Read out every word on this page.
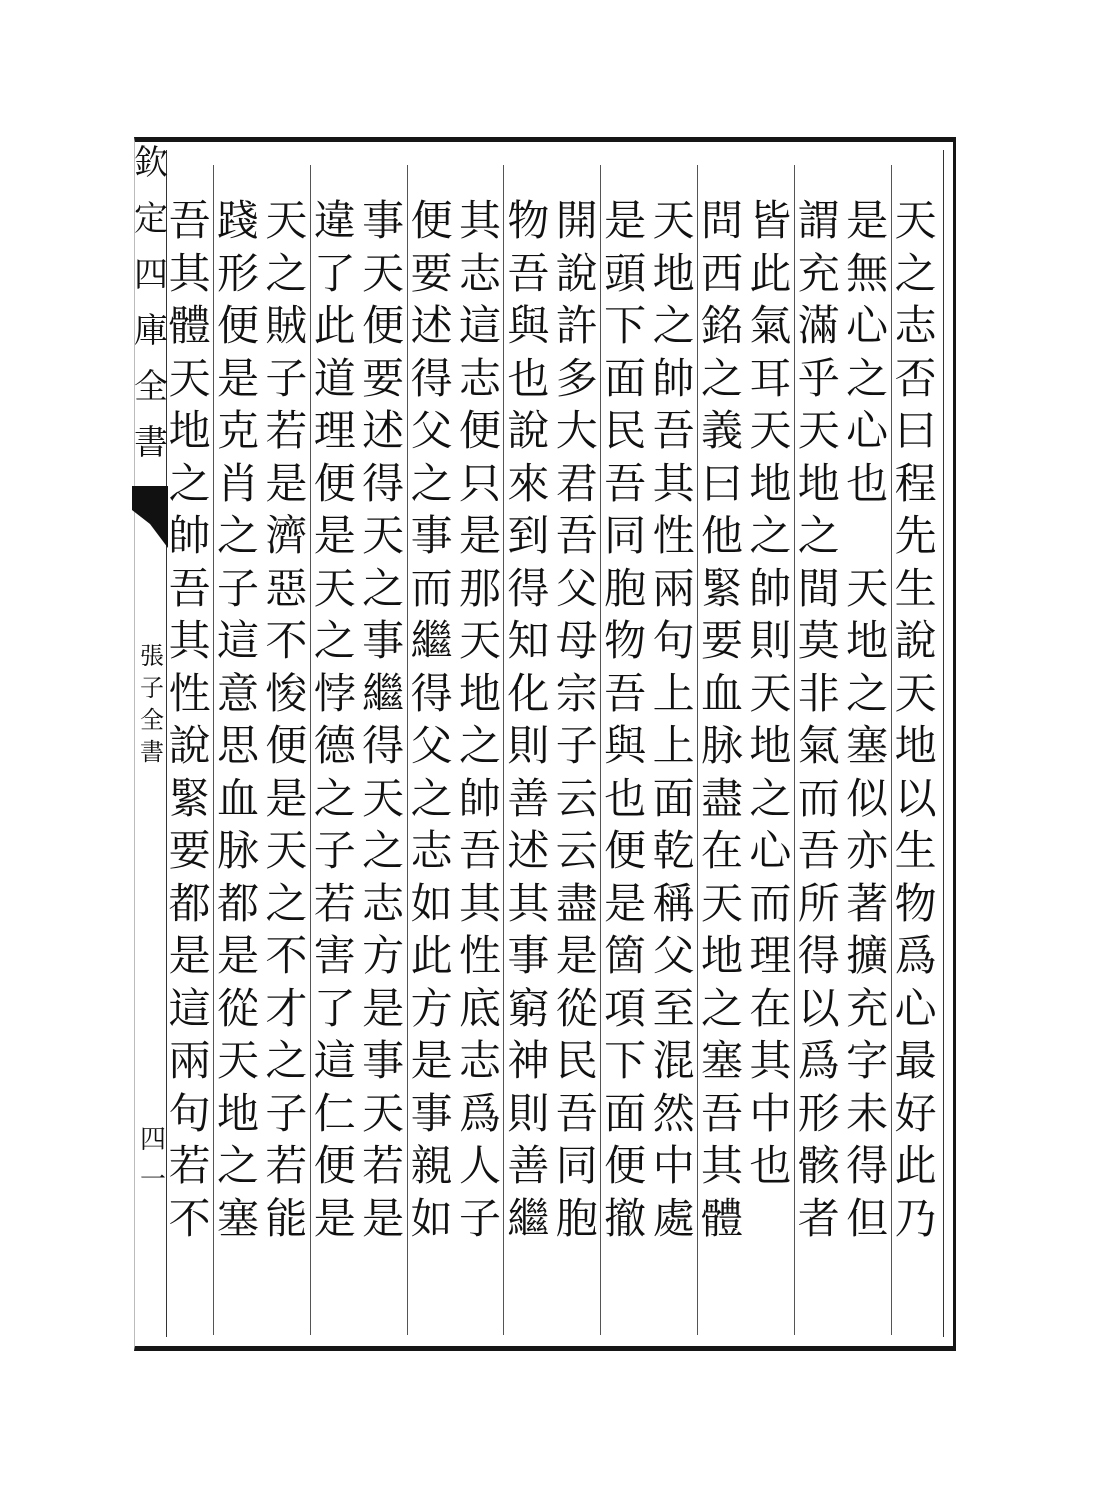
欽
定
四
庫
全
書
張
子
全
書
四一
天
之
志
否
曰
程
先
生
說
天
地
以
生
物
爲
心
最
好
此
乃
是
無
心
之
心
也

天
地
之
塞
似
亦
著
擴
充
字
未
得
但
謂
充
滿
乎
天
地
之
間
莫
非
氣
而
吾
所
得
以
爲
形
骸
者
皆
此
氣
耳
天
地
之
帥
則
天
地
之
心
而
理
在
其
中
也
問
西
銘
之
義
曰
他
緊
要
血
脉
盡
在
天
地
之
塞
吾
其
體
天
地
之
帥
吾
其
性
兩
句
上
上
面
乾
稱
父
至
混
然
中
處
是
頭
下
面
民
吾
同
胞
物
吾
與
也
便
是
箇
項
下
面
便
撤
開
說
許
多
大
君
吾
父
母
宗
子
云
云
盡
是
從
民
吾
同
胞
物
吾
與
也
說
來
到
得
知
化
則
善
述
其
事
窮
神
則
善
繼
其
志
這
志
便
只
是
那
天
地
之
帥
吾
其
性
底
志
爲
人
子
便
要
述
得
父
之
事
而
繼
得
父
之
志
如
此
方
是
事
親
如
事
天
便
要
述
得
天
之
事
繼
得
天
之
志
方
是
事
天
若
是
違
了
此
道
理
便
是
天
之
悖
德
之
子
若
害
了
這
仁
便
是
天
之
賊
子
若
是
濟
惡
不
悛
便
是
天
之
不
才
之
子
若
能
踐
形
便
是
克
肖
之
子
這
意
思
血
脉
都
是
從
天
地
之
塞
吾
其
體
天
地
之
帥
吾
其
性
說
緊
要
都
是
這
兩
句
若
不
